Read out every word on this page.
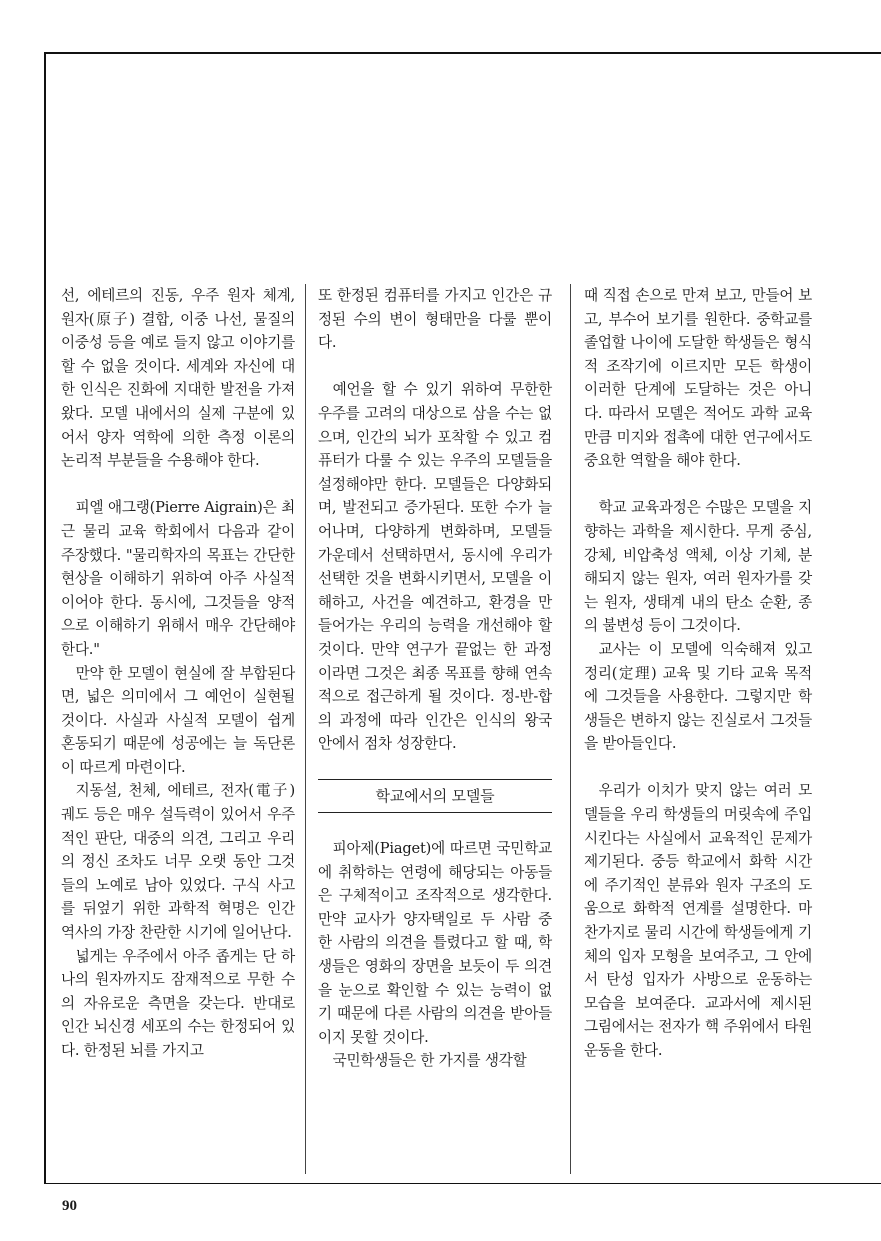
선, 에테르의 진동, 우주 원자 체계, 원자(原子) 결합, 이중 나선, 물질의 이중성 등을 예로 들지 않고 이야기를 할 수 없을 것이다. 세계와 자신에 대한 인식은 진화에 지대한 발전을 가져왔다. 모델 내에서의 실제 구분에 있어서 양자 역학에 의한 측정 이론의 논리적 부분들을 수용해야 한다.

피엘 애그랭(Pierre Aigrain)은 최근 물리 교육 학회에서 다음과 같이 주장했다. "물리학자의 목표는 간단한 현상을 이해하기 위하여 아주 사실적이어야 한다. 동시에, 그것들을 양적으로 이해하기 위해서 매우 간단해야 한다."

만약 한 모델이 현실에 잘 부합된다면, 넓은 의미에서 그 예언이 실현될 것이다. 사실과 사실적 모델이 쉽게 혼동되기 때문에 성공에는 늘 독단론이 따르게 마련이다.

지동설, 천체, 에테르, 전자(電子) 궤도 등은 매우 설득력이 있어서 우주적인 판단, 대중의 의견, 그리고 우리의 정신 조차도 너무 오랫 동안 그것들의 노예로 남아 있었다. 구식 사고를 뒤엎기 위한 과학적 혁명은 인간 역사의 가장 찬란한 시기에 일어난다.

넓게는 우주에서 아주 좁게는 단 하나의 원자까지도 잠재적으로 무한 수의 자유로운 측면을 갖는다. 반대로 인간 뇌신경 세포의 수는 한정되어 있다. 한정된 뇌를 가지고

또 한정된 컴퓨터를 가지고 인간은 규정된 수의 변이 형태만을 다룰 뿐이다.

예언을 할 수 있기 위하여 무한한 우주를 고려의 대상으로 삼을 수는 없으며, 인간의 뇌가 포착할 수 있고 컴퓨터가 다룰 수 있는 우주의 모델들을 설정해야만 한다. 모델들은 다양화되며, 발전되고 증가된다. 또한 수가 늘어나며, 다양하게 변화하며, 모델들 가운데서 선택하면서, 동시에 우리가 선택한 것을 변화시키면서, 모델을 이해하고, 사건을 예견하고, 환경을 만들어가는 우리의 능력을 개선해야 할 것이다. 만약 연구가 끝없는 한 과정이라면 그것은 최종 목표를 향해 연속적으로 접근하게 될 것이다. 정-반-합의 과정에 따라 인간은 인식의 왕국 안에서 점차 성장한다.

학교에서의 모델들

피아제(Piaget)에 따르면 국민학교에 취학하는 연령에 해당되는 아동들은 구체적이고 조작적으로 생각한다. 만약 교사가 양자택일로 두 사람 중 한 사람의 의견을 틀렸다고 할 때, 학생들은 영화의 장면을 보듯이 두 의견을 눈으로 확인할 수 있는 능력이 없기 때문에 다른 사람의 의견을 받아들이지 못할 것이다.

국민학생들은 한 가지를 생각할

때 직접 손으로 만져 보고, 만들어 보고, 부수어 보기를 원한다. 중학교를 졸업할 나이에 도달한 학생들은 형식적 조작기에 이르지만 모든 학생이 이러한 단계에 도달하는 것은 아니다. 따라서 모델은 적어도 과학 교육 만큼 미지와 접촉에 대한 연구에서도 중요한 역할을 해야 한다.

학교 교육과정은 수많은 모델을 지향하는 과학을 제시한다. 무게 중심, 강체, 비압축성 액체, 이상 기체, 분해되지 않는 원자, 여러 원자가를 갖는 원자, 생태계 내의 탄소 순환, 종의 불변성 등이 그것이다.

교사는 이 모델에 익숙해져 있고 정리(定理) 교육 및 기타 교육 목적에 그것들을 사용한다. 그렇지만 학생들은 변하지 않는 진실로서 그것들을 받아들인다.

우리가 이치가 맞지 않는 여러 모델들을 우리 학생들의 머릿속에 주입시킨다는 사실에서 교육적인 문제가 제기된다. 중등 학교에서 화학 시간에 주기적인 분류와 원자 구조의 도움으로 화학적 연계를 설명한다. 마찬가지로 물리 시간에 학생들에게 기체의 입자 모형을 보여주고, 그 안에서 탄성 입자가 사방으로 운동하는 모습을 보여준다. 교과서에 제시된 그림에서는 전자가 핵 주위에서 타원 운동을 한다.

90
